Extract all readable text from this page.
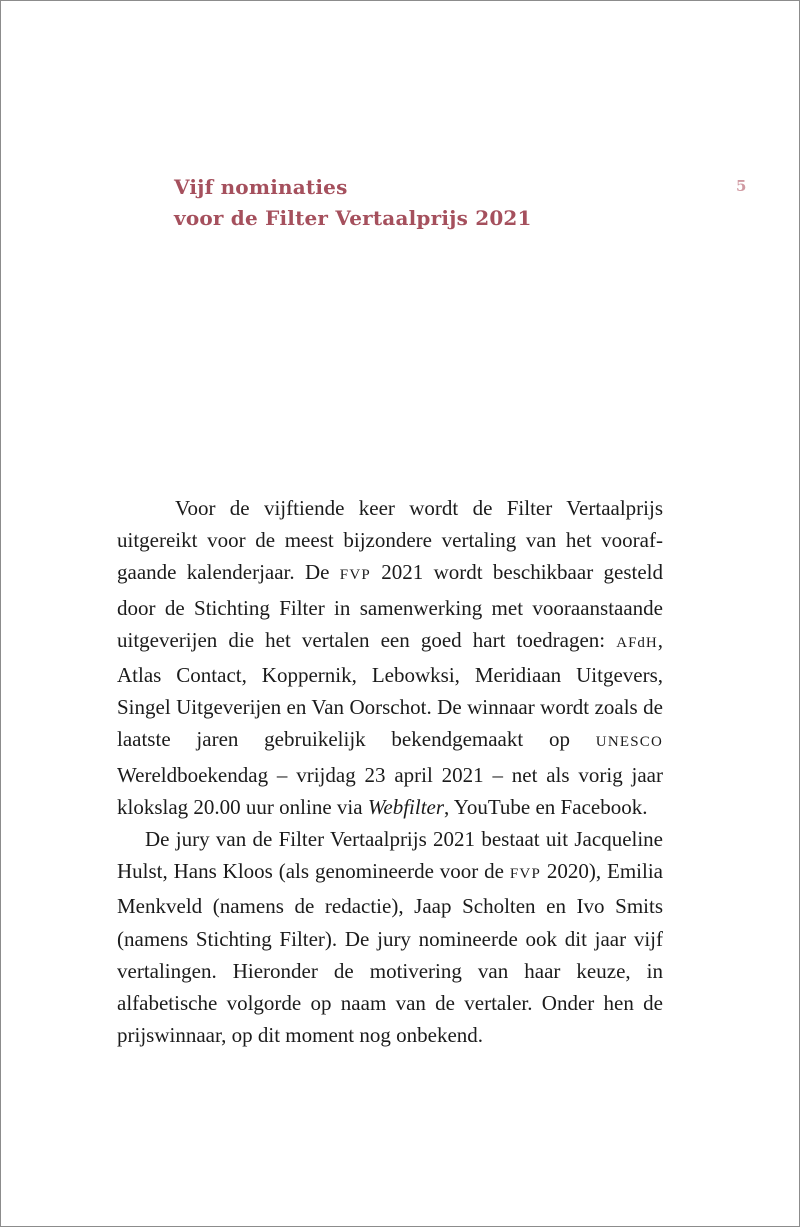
Vijf nominaties
voor de Filter Vertaalprijs 2021
5

Voor de vijftiende keer wordt de Filter Vertaalprijs uitgereikt voor de meest bijzondere vertaling van het voorafgaande kalenderjaar. De FVP 2021 wordt beschikbaar gesteld door de Stichting Filter in samenwerking met vooraanstaande uitgeverijen die het vertalen een goed hart toedragen: AFdH, Atlas Contact, Koppernik, Lebowksi, Meridiaan Uitgevers, Singel Uitgeverijen en Van Oorschot. De winnaar wordt zoals de laatste jaren gebruikelijk bekendgemaakt op UNESCO Wereldboekendag – vrijdag 23 april 2021 – net als vorig jaar klokslag 20.00 uur online via Webfilter, YouTube en Facebook.

De jury van de Filter Vertaalprijs 2021 bestaat uit Jacqueline Hulst, Hans Kloos (als genomineerde voor de FVP 2020), Emilia Menkveld (namens de redactie), Jaap Scholten en Ivo Smits (namens Stichting Filter). De jury nomineerde ook dit jaar vijf vertalingen. Hieronder de motivering van haar keuze, in alfabetische volgorde op naam van de vertaler. Onder hen de prijswinnaar, op dit moment nog onbekend.
